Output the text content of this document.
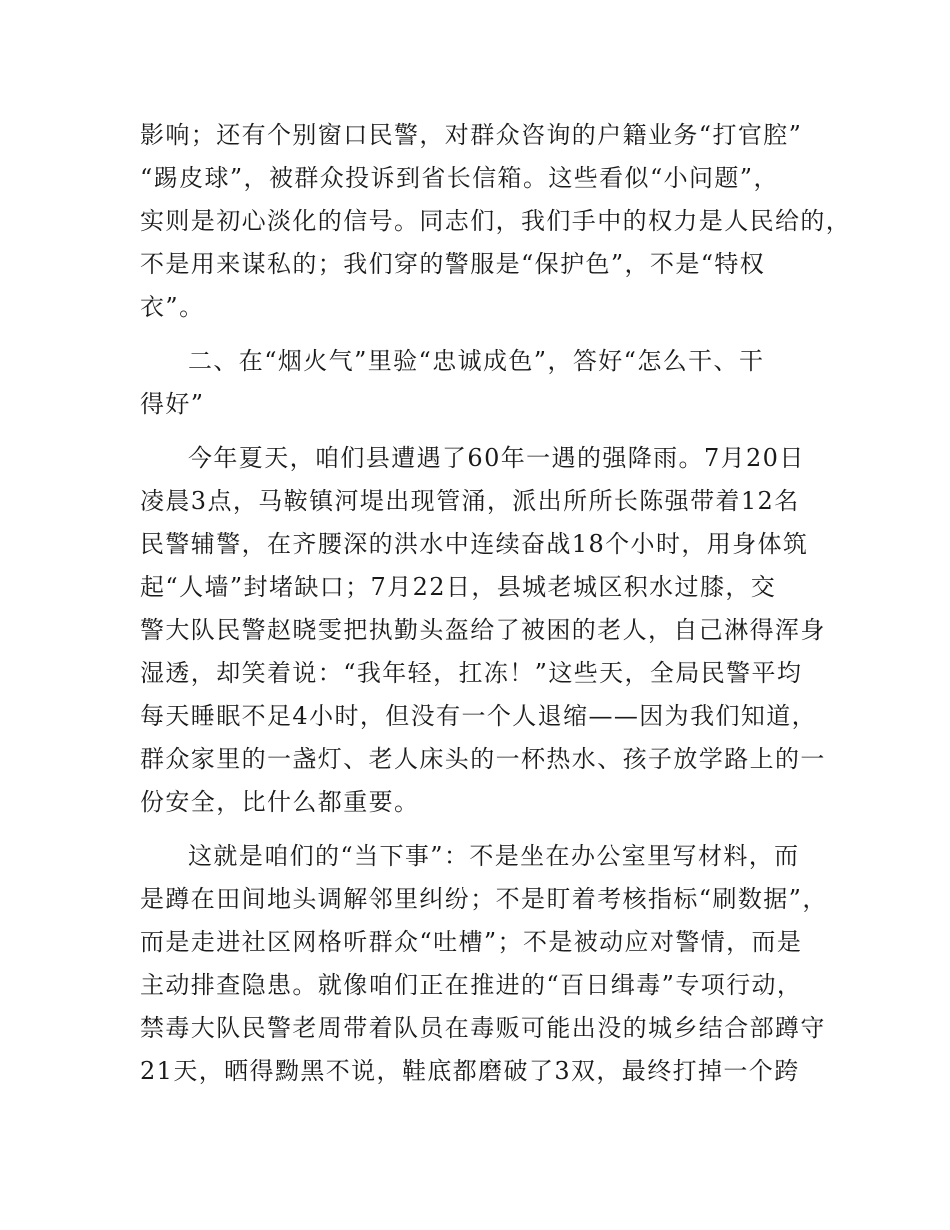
影响；还有个别窗口民警，对群众咨询的户籍业务“打官腔”
“踢皮球”，被群众投诉到省长信箱。这些看似“小问题”，
实则是初心淡化的信号。同志们，我们手中的权力是人民给的，
不是用来谋私的；我们穿的警服是“保护色”，不是“特权
衣”。
二、在“烟火气”里验“忠诚成色”，答好“怎么干、干
得好”
今年夏天，咱们县遭遇了60年一遇的强降雨。7月20日
凌晨3点，马鞍镇河堤出现管涌，派出所所长陈强带着12名
民警辅警，在齐腰深的洪水中连续奋战18个小时，用身体筑
起“人墙”封堵缺口；7月22日，县城老城区积水过膝，交
警大队民警赵晓雯把执勤头盔给了被困的老人，自己淋得浑身
湿透，却笑着说：“我年轻，扛冻！”这些天，全局民警平均
每天睡眠不足4小时，但没有一个人退缩——因为我们知道，
群众家里的一盏灯、老人床头的一杯热水、孩子放学路上的一
份安全，比什么都重要。
这就是咱们的“当下事”：不是坐在办公室里写材料，而
是蹲在田间地头调解邻里纠纷；不是盯着考核指标“刷数据”，
而是走进社区网格听群众“吐槽”；不是被动应对警情，而是
主动排查隐患。就像咱们正在推进的“百日缉毒”专项行动，
禁毒大队民警老周带着队员在毒贩可能出没的城乡结合部蹲守
21天，晒得黝黑不说，鞋底都磨破了3双，最终打掉一个跨
